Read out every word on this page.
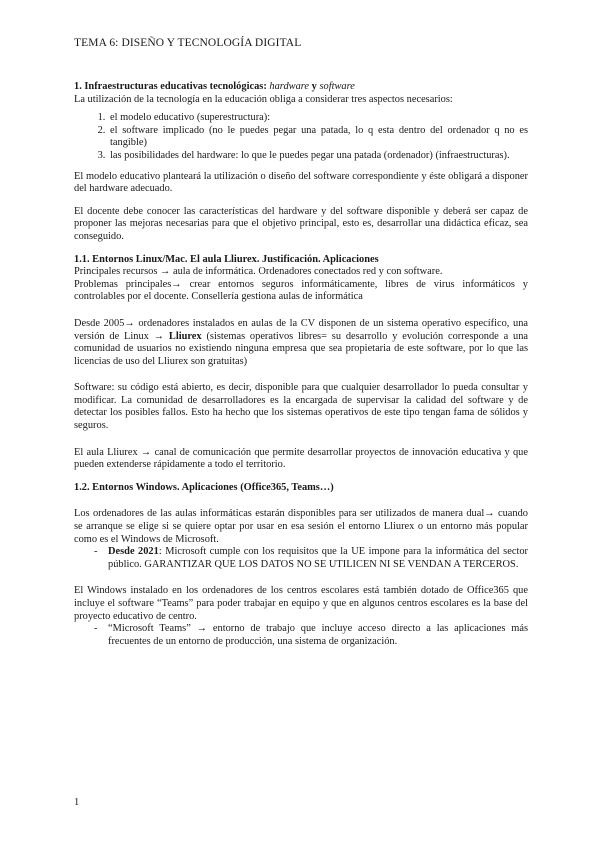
TEMA 6: DISEÑO Y TECNOLOGÍA DIGITAL

1. Infraestructuras educativas tecnológicas: hardware y software

La utilización de la tecnología en la educación obliga a considerar tres aspectos necesarios:

1. el modelo educativo (superestructura):
2. el software implicado (no le puedes pegar una patada, lo q esta dentro del ordenador q no es tangible)
3. las posibilidades del hardware: lo que le puedes pegar una patada (ordenador) (infraestructuras).

El modelo educativo planteará la utilización o diseño del software correspondiente y éste obligará a disponer del hardware adecuado.

El docente debe conocer las características del hardware y del software disponible y deberá ser capaz de proponer las mejoras necesarias para que el objetivo principal, esto es, desarrollar una didáctica eficaz, sea conseguido.

1.1. Entornos Linux/Mac. El aula Lliurex. Justificación. Aplicaciones

Principales recursos → aula de informática. Ordenadores conectados red y con software.

Problemas principales→ crear entornos seguros informáticamente, libres de virus informáticos y controlables por el docente. Consellería gestiona aulas de informática

Desde 2005→ ordenadores instalados en aulas de la CV disponen de un sistema operativo específico, una versión de Linux → Lliurex (sistemas operativos libres= su desarrollo y evolución corresponde a una comunidad de usuarios no existiendo ninguna empresa que sea propietaria de este software, por lo que las licencias de uso del Lliurex son gratuitas)

Software: su código está abierto, es decir, disponible para que cualquier desarrollador lo pueda consultar y modificar. La comunidad de desarrolladores es la encargada de supervisar la calidad del software y de detectar los posibles fallos. Esto ha hecho que los sistemas operativos de este tipo tengan fama de sólidos y seguros.

El aula Lliurex → canal de comunicación que permite desarrollar proyectos de innovación educativa y que pueden extenderse rápidamente a todo el territorio.

1.2. Entornos Windows. Aplicaciones (Office365, Teams…)

Los ordenadores de las aulas informáticas estarán disponibles para ser utilizados de manera dual→ cuando se arranque se elige si se quiere optar por usar en esa sesión el entorno Lliurex o un entorno más popular como es el Windows de Microsoft.

- Desde 2021: Microsoft cumple con los requisitos que la UE impone para la informática del sector público. GARANTIZAR QUE LOS DATOS NO SE UTILICEN NI SE VENDAN A TERCEROS.

El Windows instalado en los ordenadores de los centros escolares está también dotado de Office365 que incluye el software “Teams” para poder trabajar en equipo y que en algunos centros escolares es la base del proyecto educativo de centro.

- “Microsoft Teams” → entorno de trabajo que incluye acceso directo a las aplicaciones más frecuentes de un entorno de producción, una sistema de organización.
1
